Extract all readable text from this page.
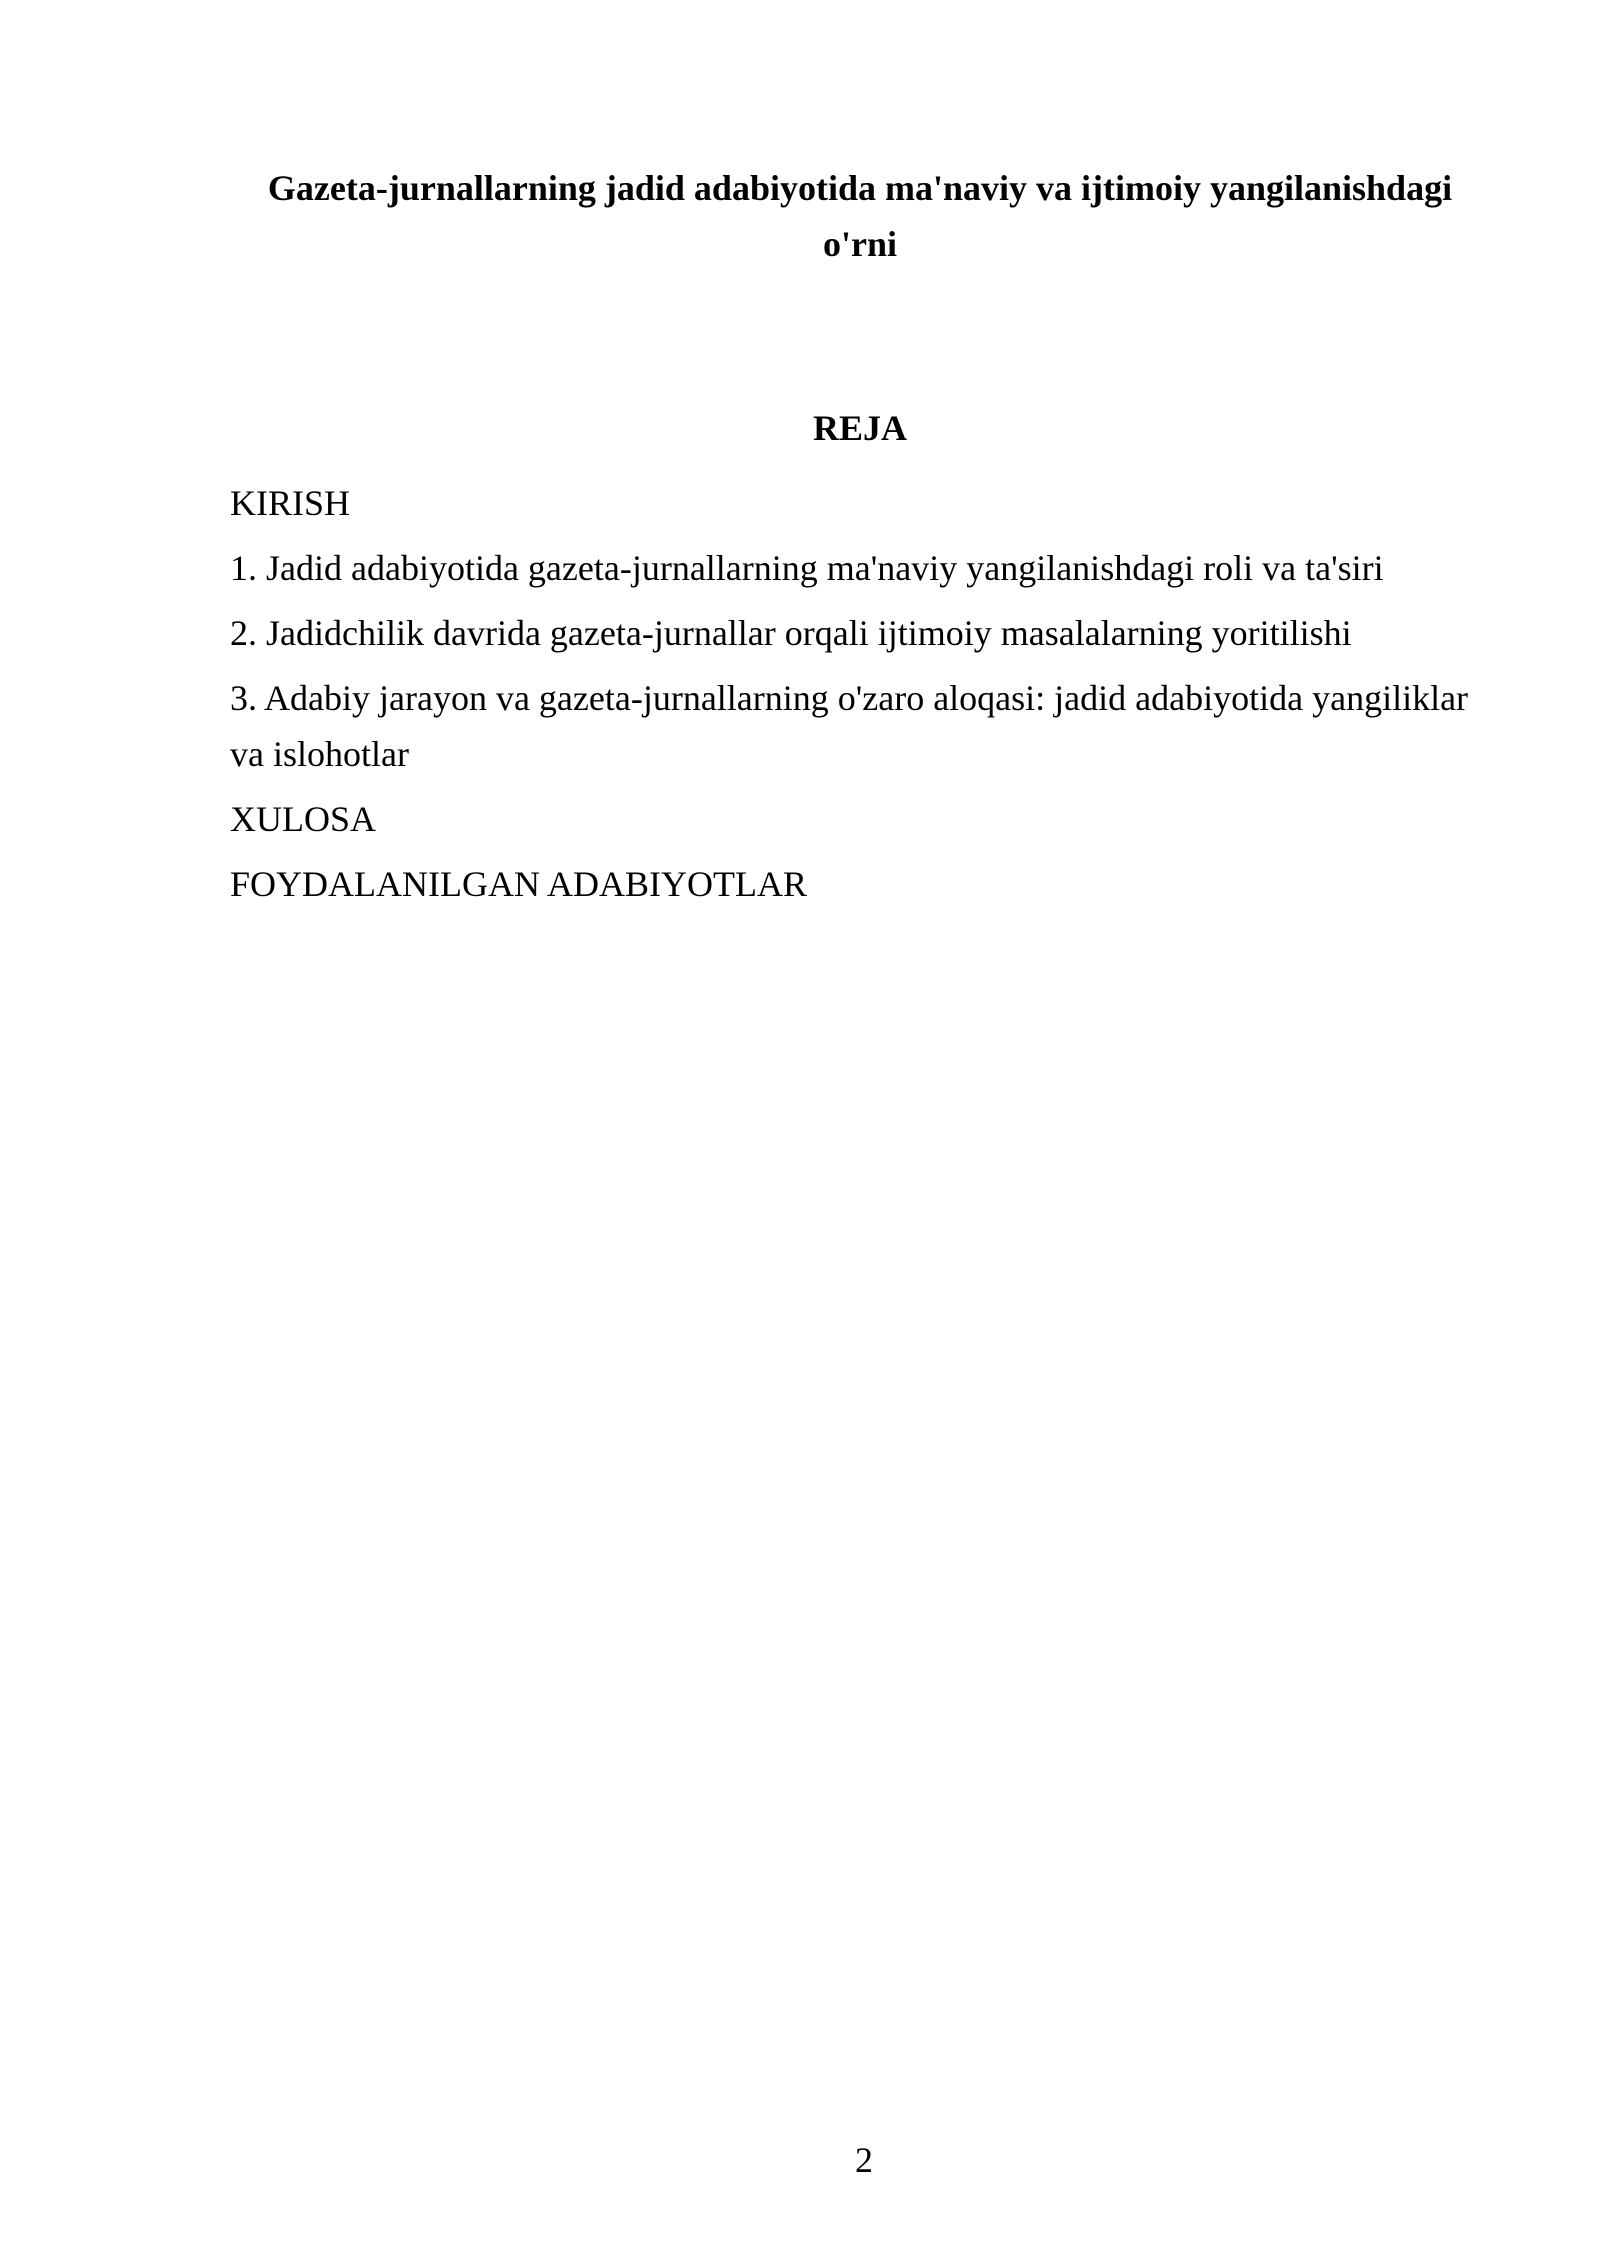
Gazeta-jurnallarning jadid adabiyotida ma'naviy va ijtimoiy yangilanishdagi o'rni
REJA
KIRISH
1. Jadid adabiyotida gazeta-jurnallarning ma'naviy yangilanishdagi roli va ta'siri
2. Jadidchilik davrida gazeta-jurnallar orqali ijtimoiy masalalarning yoritilishi
3. Adabiy jarayon va gazeta-jurnallarning o'zaro aloqasi: jadid adabiyotida yangiliklar va islohotlar
XULOSA
FOYDALANILGAN ADABIYOTLAR

2
